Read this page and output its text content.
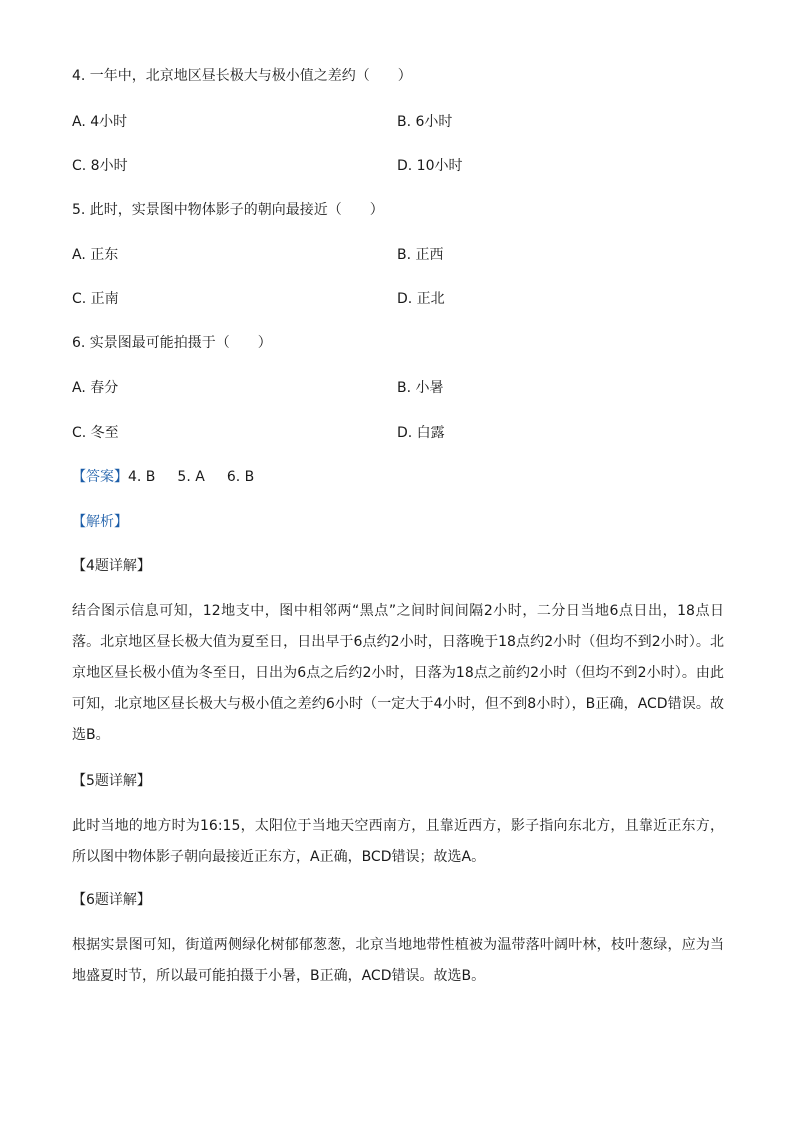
4. 一年中，北京地区昼长极大与极小值之差约（　　）
A. 4小时	B. 6小时
C. 8小时	D. 10小时
5. 此时，实景图中物体影子的朝向最接近（　　）
A. 正东	B. 正西
C. 正南	D. 正北
6. 实景图最可能拍摄于（　　）
A. 春分	B. 小暑
C. 冬至	D. 白露
【答案】4. B 5. A 6. B
【解析】
【4题详解】
结合图示信息可知，12地支中，图中相邻两“黑点”之间时间间隔2小时，二分日当地6点日出，18点日落。北京地区昼长极大值为夏至日，日出早于6点约2小时，日落晚于18点约2小时（但均不到2小时）。北京地区昼长极小值为冬至日，日出为6点之后约2小时，日落为18点之前约2小时（但均不到2小时）。由此可知，北京地区昼长极大与极小值之差约6小时（一定大于4小时，但不到8小时），B正确，ACD错误。故选B。
【5题详解】
此时当地的地方时为16:15，太阳位于当地天空西南方，且靠近西方，影子指向东北方，且靠近正东方，所以图中物体影子朝向最接近正东方，A正确，BCD错误；故选A。
【6题详解】
根据实景图可知，街道两侧绿化树郁郁葱葱，北京当地地带性植被为温带落叶阔叶林，枝叶葱绿，应为当地盛夏时节，所以最可能拍摄于小暑，B正确，ACD错误。故选B。
